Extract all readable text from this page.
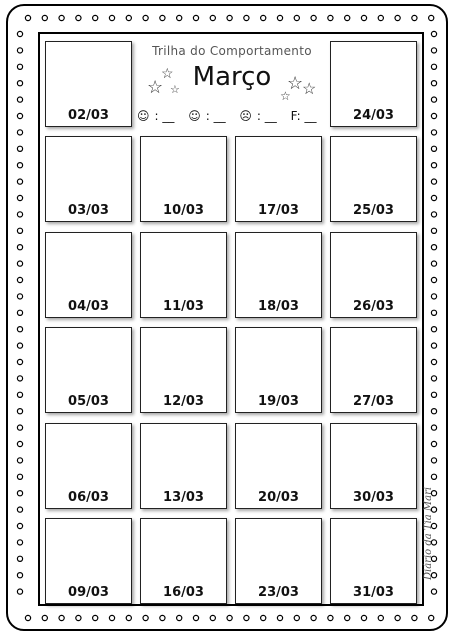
02/03	24/03
Trilha do Comportamento
☆
☆ ☆	☆
☆ ☆
Março
☺ : __ ☺ : __ ☹ : __ F: __
03/03	10/03	17/03	25/03
04/03	11/03	18/03	26/03
05/03	12/03	19/03	27/03
06/03	13/03	20/03	30/03
09/03	16/03	23/03	31/03
Diário da Tia Mari
